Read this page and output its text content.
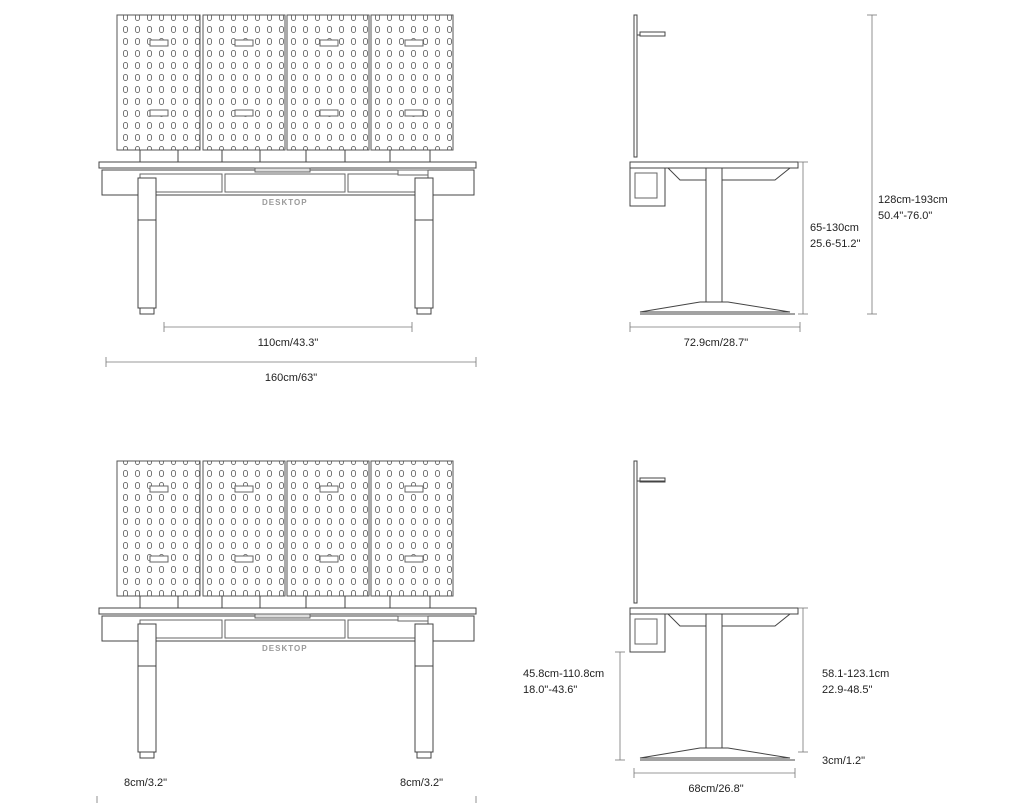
DESKTOP
110cm/43.3"
160cm/63"
128cm-193cm
50.4"-76.0"
65-130cm
25.6-51.2"
72.9cm/28.7"
DESKTOP
8cm/3.2"	8cm/3.2"
45.8cm-110.8cm
18.0"-43.6"
58.1-123.1cm
22.9-48.5"
3cm/1.2"
68cm/26.8"
